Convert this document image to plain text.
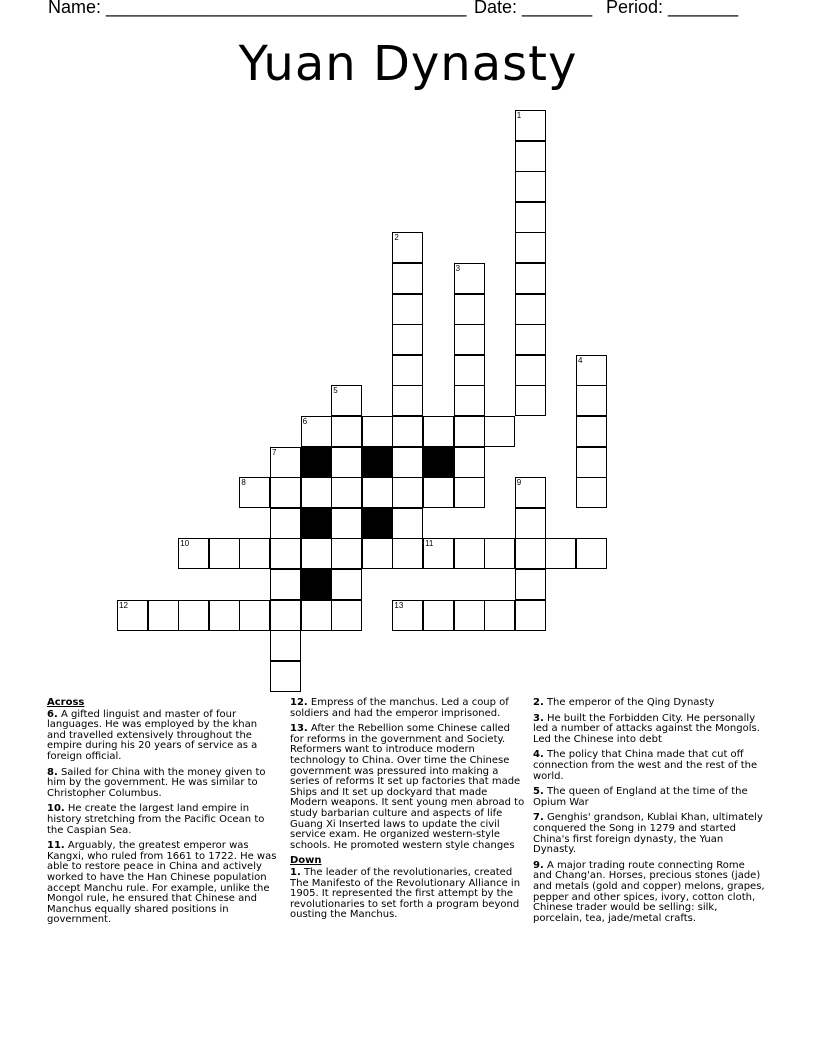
Name: ____________________________________ Date: _______ Period: _______
Yuan Dynasty
1
2
3
4
5
6
7
8	9
10	11
12	13
Across
6. A gifted linguist and master of four languages. He was employed by the khan and travelled extensively throughout the empire during his 20 years of service as a foreign official.
8. Sailed for China with the money given to him by the government. He was similar to Christopher Columbus.
10. He create the largest land empire in history stretching from the Pacific Ocean to the Caspian Sea.
11. Arguably, the greatest emperor was Kangxi, who ruled from 1661 to 1722. He was able to restore peace in China and actively worked to have the Han Chinese population accept Manchu rule. For example, unlike the Mongol rule, he ensured that Chinese and Manchus equally shared positions in government.
12. Empress of the manchus. Led a coup of soldiers and had the emperor imprisoned.
13. After the Rebellion some Chinese called for reforms in the government and Society. Reformers want to introduce modern technology to China. Over time the Chinese government was pressured into making a series of reforms It set up factories that made Ships and It set up dockyard that made Modern weapons. It sent young men abroad to study barbarian culture and aspects of life Guang Xi Inserted laws to update the civil service exam. He organized western-style schools. He promoted western style changes
Down
1. The leader of the revolutionaries, created The Manifesto of the Revolutionary Alliance in 1905. It represented the first attempt by the revolutionaries to set forth a program beyond ousting the Manchus.
2. The emperor of the Qing Dynasty
3. He built the Forbidden City. He personally led a number of attacks against the Mongols. Led the Chinese into debt
4. The policy that China made that cut off connection from the west and the rest of the world.
5. The queen of England at the time of the Opium War
7. Genghis' grandson, Kublai Khan, ultimately conquered the Song in 1279 and started China's first foreign dynasty, the Yuan Dynasty.
9. A major trading route connecting Rome and Chang'an. Horses, precious stones (jade) and metals (gold and copper) melons, grapes, pepper and other spices, ivory, cotton cloth, Chinese trader would be selling: silk, porcelain, tea, jade/metal crafts.
